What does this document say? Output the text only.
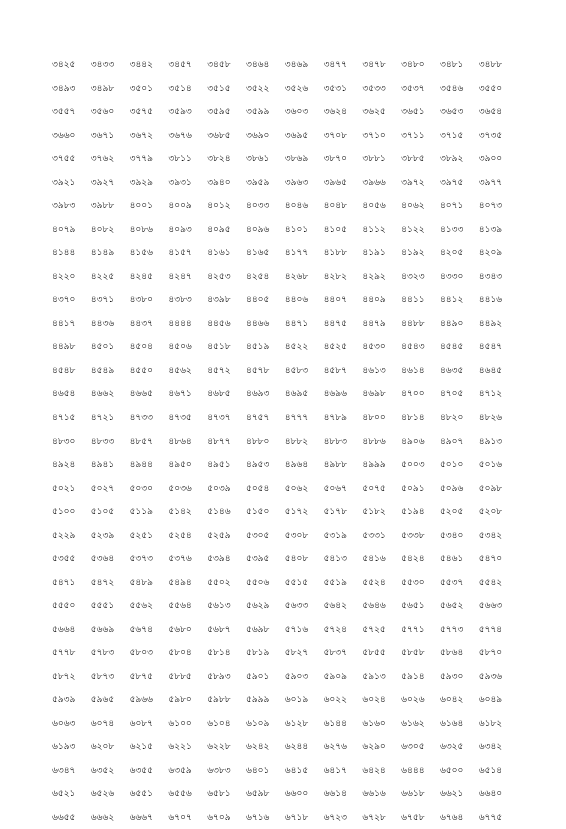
৩৪২৫	৩৪৩৩	৩৪৪২	৩৪৫৭	৩৪৫৮	৩৪৬৪	৩৪৬৯	৩৪৭৭	৩৪৭৮	৩৪৮০	৩৪৮১	৩৪৮৮
৩৪৯৩	৩৪৯৮	৩৫০১	৩৫১৪	৩৫১৫	৩৫২২	৩৫২৬	৩৫৩১	৩৫৩৩	৩৫৩৭	৩৫৪৬	৩৫৫০
৩৫৫৭	৩৫৬০	৩৫৭৫	৩৫৯৩	৩৫৯৫	৩৫৯৯	৩৬০৩	৩৬২৪	৩৬২৫	৩৬৫১	৩৬৫৩	৩৬৫৪
৩৬৬০	৩৬৭১	৩৬৭২	৩৬৭৬	৩৬৮৫	৩৬৯০	৩৬৯৫	৩৭০৮	৩৭১০	৩৭১১	৩৭১৫	৩৭৩৫
৩৭৫৫	৩৭৬২	৩৭৭৯	৩৮১১	৩৮২৪	৩৮৬১	৩৮৬৯	৩৮৭০	৩৮৮১	৩৮৮৫	৩৮৯২	৩৯০০
৩৯২১	৩৯২৭	৩৯২৯	৩৯৩১	৩৯৪০	৩৯৫৯	৩৯৬৩	৩৯৬৫	৩৯৬৬	৩৯৭২	৩৯৭৫	৩৯৭৭
৩৯৮৩	৩৯৮৮	৪০০১	৪০০৯	৪০১২	৪০৩৩	৪০৪৬	৪০৪৮	৪০৫৬	৪০৬২	৪০৭১	৪০৭৩
৪০৭৯	৪০৮২	৪০৮৬	৪০৯৩	৪০৯৫	৪০৯৬	৪১০১	৪১০৫	৪১১২	৪১২২	৪১৩৩	৪১৩৯
৪১৪৪	৪১৪৯	৪১৫৬	৪১৫৭	৪১৬১	৪১৬৫	৪১৭৭	৪১৮৮	৪১৯১	৪১৯২	৪২০৫	৪২০৯
৪২২০	৪২২৫	৪২৪৫	৪২৪৭	৪২৫৩	৪২৫৪	৪২৬৮	৪২৮২	৪২৯২	৪৩২৩	৪৩৩০	৪৩৪৩
৪৩৭০	৪৩৭১	৪৩৮০	৪৩৮৩	৪৩৯৮	৪৪০৫	৪৪০৬	৪৪০৭	৪৪০৯	৪৪১১	৪৪১২	৪৪১৬
৪৪১৭	৪৪৩৬	৪৪৩৭	৪৪৪৪	৪৪৫৬	৪৪৬৬	৪৪৭১	৪৪৭৫	৪৪৭৯	৪৪৮৮	৪৪৯০	৪৪৯২
৪৪৯৮	৪৫০১	৪৫০৪	৪৫০৬	৪৫১৮	৪৫১৯	৪৫২২	৪৫২৫	৪৫৩০	৪৫৪৩	৪৫৪৫	৪৫৪৭
৪৫৪৮	৪৫৪৯	৪৫৫০	৪৫৬২	৪৫৭২	৪৫৭৮	৪৫৮৩	৪৫৮৭	৪৬১৩	৪৬১৪	৪৬৩৫	৪৬৪৫
৪৬৫৪	৪৬৬২	৪৬৬৫	৪৬৭১	৪৬৮৫	৪৬৯৩	৪৬৯৫	৪৬৯৬	৪৬৯৮	৪৭০০	৪৭০৫	৪৭১২
৪৭১৫	৪৭২১	৪৭৩৩	৪৭৩৫	৪৭৩৭	৪৭৫৭	৪৭৭৭	৪৭৮৯	৪৮০০	৪৮১৪	৪৮২০	৪৮২৬
৪৮৩০	৪৮৩৩	৪৮৫৭	৪৮৬৪	৪৮৭৭	৪৮৮০	৪৮৮২	৪৮৮৩	৪৮৮৬	৪৯০৬	৪৯০৭	৪৯১৩
৪৯২৪	৪৯৪১	৪৯৪৪	৪৯৫০	৪৯৫১	৪৯৫৩	৪৯৬৪	৪৯৮৮	৪৯৯৯	৫০০৩	৫০১০	৫০১৬
৫০২১	৫০২৭	৫০৩০	৫০৩৬	৫০৩৯	৫০৫৪	৫০৬২	৫০৬৭	৫০৭৫	৫০৯১	৫০৯৬	৫০৯৮
৫১০০	৫১০৫	৫১১৯	৫১৪২	৫১৪৬	৫১৫০	৫১৭২	৫১৭৮	৫১৮২	৫১৯৪	৫২০৫	৫২০৮
৫২২৯	৫২৩৯	৫২৫১	৫২৫৪	৫২৫৯	৫৩০৫	৫৩০৮	৫৩১৯	৫৩৩১	৫৩৩৮	৫৩৪০	৫৩৪২
৫৩৫৫	৫৩৬৪	৫৩৭৩	৫৩৭৬	৫৩৯৪	৫৩৯৫	৫৪০৮	৫৪১৩	৫৪১৬	৫৪২৪	৫৪৬১	৫৪৭০
৫৪৭১	৫৪৭২	৫৪৮৯	৫৪৯৪	৫৫০২	৫৫০৬	৫৫১৫	৫৫১৯	৫৫২৪	৫৫৩০	৫৫৩৭	৫৫৪২
৫৫৫০	৫৫৫১	৫৫৬২	৫৫৬৪	৫৬১৩	৫৬২৯	৫৬৩৩	৫৬৪২	৫৬৪৬	৫৬৫১	৫৬৫২	৫৬৬৩
৫৬৬৪	৫৬৬৯	৫৬৭৪	৫৬৮০	৫৬৮৭	৫৬৯৮	৫৭১৬	৫৭২৪	৫৭২৫	৫৭৭১	৫৭৭৩	৫৭৭৪
৫৭৭৮	৫৭৮৩	৫৮০৩	৫৮০৪	৫৮১৪	৫৮১৯	৫৮২৭	৫৮৩৭	৫৮৫৫	৫৮৫৮	৫৮৬৪	৫৮৭০
৫৮৭২	৫৮৭৩	৫৮৭৫	৫৮৮৫	৫৮৯৩	৫৯০১	৫৯০৩	৫৯০৯	৫৯১৩	৫৯১৪	৫৯৩০	৫৯৩৬
৫৯৩৯	৫৯৬৫	৫৯৬৬	৫৯৮০	৫৯৮৮	৫৯৯৯	৬০১৯	৬০২২	৬০২৪	৬০২৬	৬০৪২	৬০৪৯
৬০৬৩	৬০৭৪	৬০৮৭	৬১০০	৬১০৪	৬১০৯	৬১২৮	৬১৪৪	৬১৬০	৬১৬২	৬১৬৪	৬১৮২
৬১৯৩	৬২০৮	৬২১৫	৬২২১	৬২২৮	৬২৪২	৬২৪৪	৬২৭৬	৬২৯০	৬৩০৫	৬৩২৫	৬৩৪২
৬৩৪৭	৬৩৫২	৬৩৫৫	৬৩৫৯	৬৩৮৩	৬৪০১	৬৪১৫	৬৪১৭	৬৪২৪	৬৪৪৪	৬৫০০	৬৫১৪
৬৫২১	৬৫২৬	৬৫৫১	৬৫৫৬	৬৫৮১	৬৫৯৮	৬৬০০	৬৬১৪	৬৬১৬	৬৬১৮	৬৬২১	৬৬৪০
৬৬৫৫	৬৬৬২	৬৬৬৭	৬৭০৭	৬৭০৯	৬৭১৬	৬৭১৮	৬৭২৩	৬৭২৮	৬৭৫৮	৬৭৬৪	৬৭৭৫
